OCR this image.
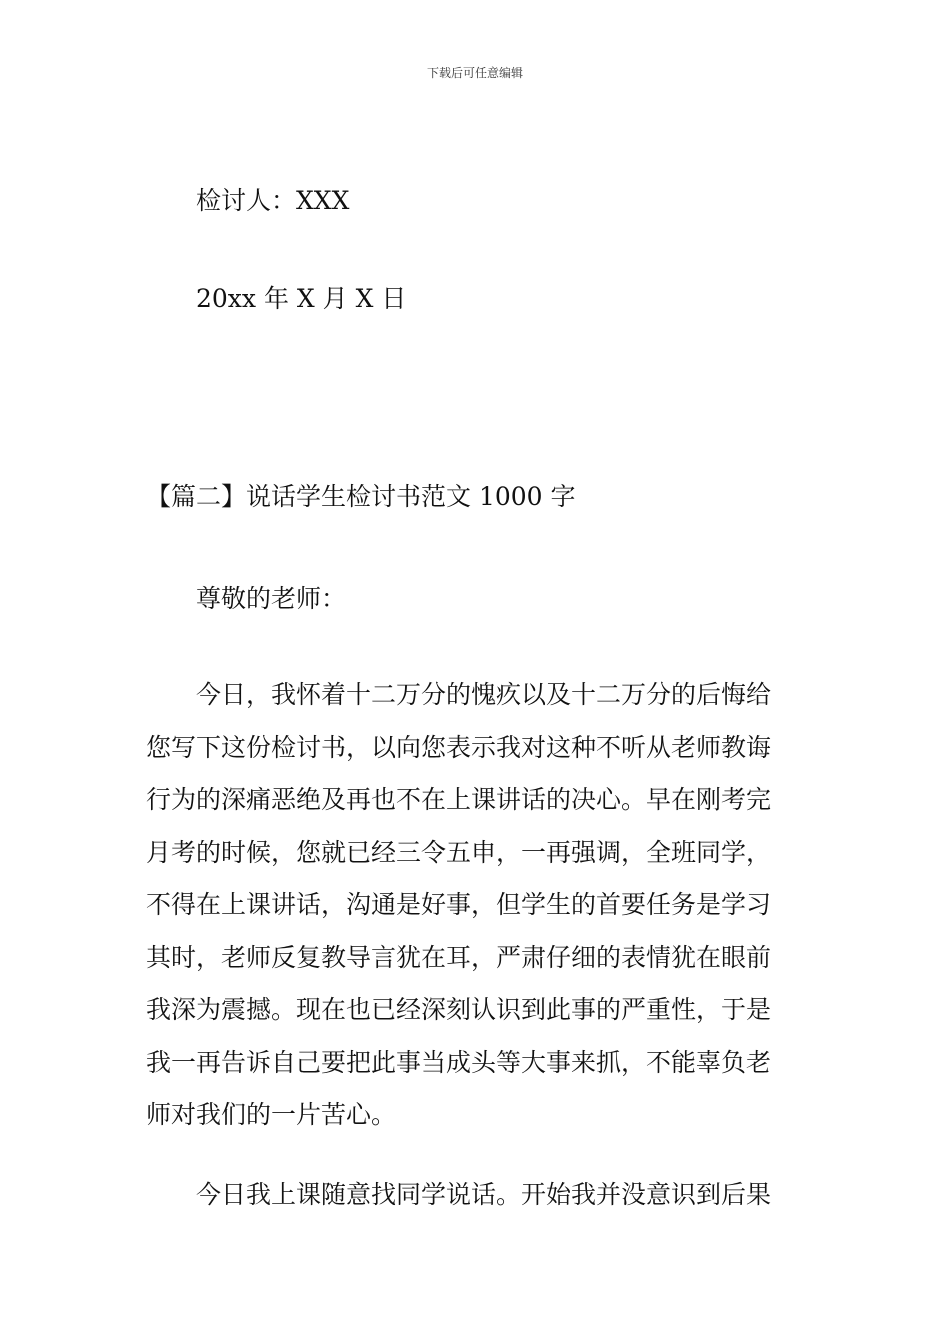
下载后可任意编辑
检讨人：XXX
20xx 年 X 月 X 日
【篇二】说话学生检讨书范文 1000 字
尊敬的老师：
今日，我怀着十二万分的愧疚以及十二万分的后悔给
您写下这份检讨书，以向您表示我对这种不听从老师教诲
行为的深痛恶绝及再也不在上课讲话的决心。早在刚考完
月考的时候，您就已经三令五申，一再强调，全班同学，
不得在上课讲话，沟通是好事，但学生的首要任务是学习
其时，老师反复教导言犹在耳，严肃仔细的表情犹在眼前
我深为震撼。现在也已经深刻认识到此事的严重性，于是
我一再告诉自己要把此事当成头等大事来抓，不能辜负老
师对我们的一片苦心。
今日我上课随意找同学说话。开始我并没意识到后果
